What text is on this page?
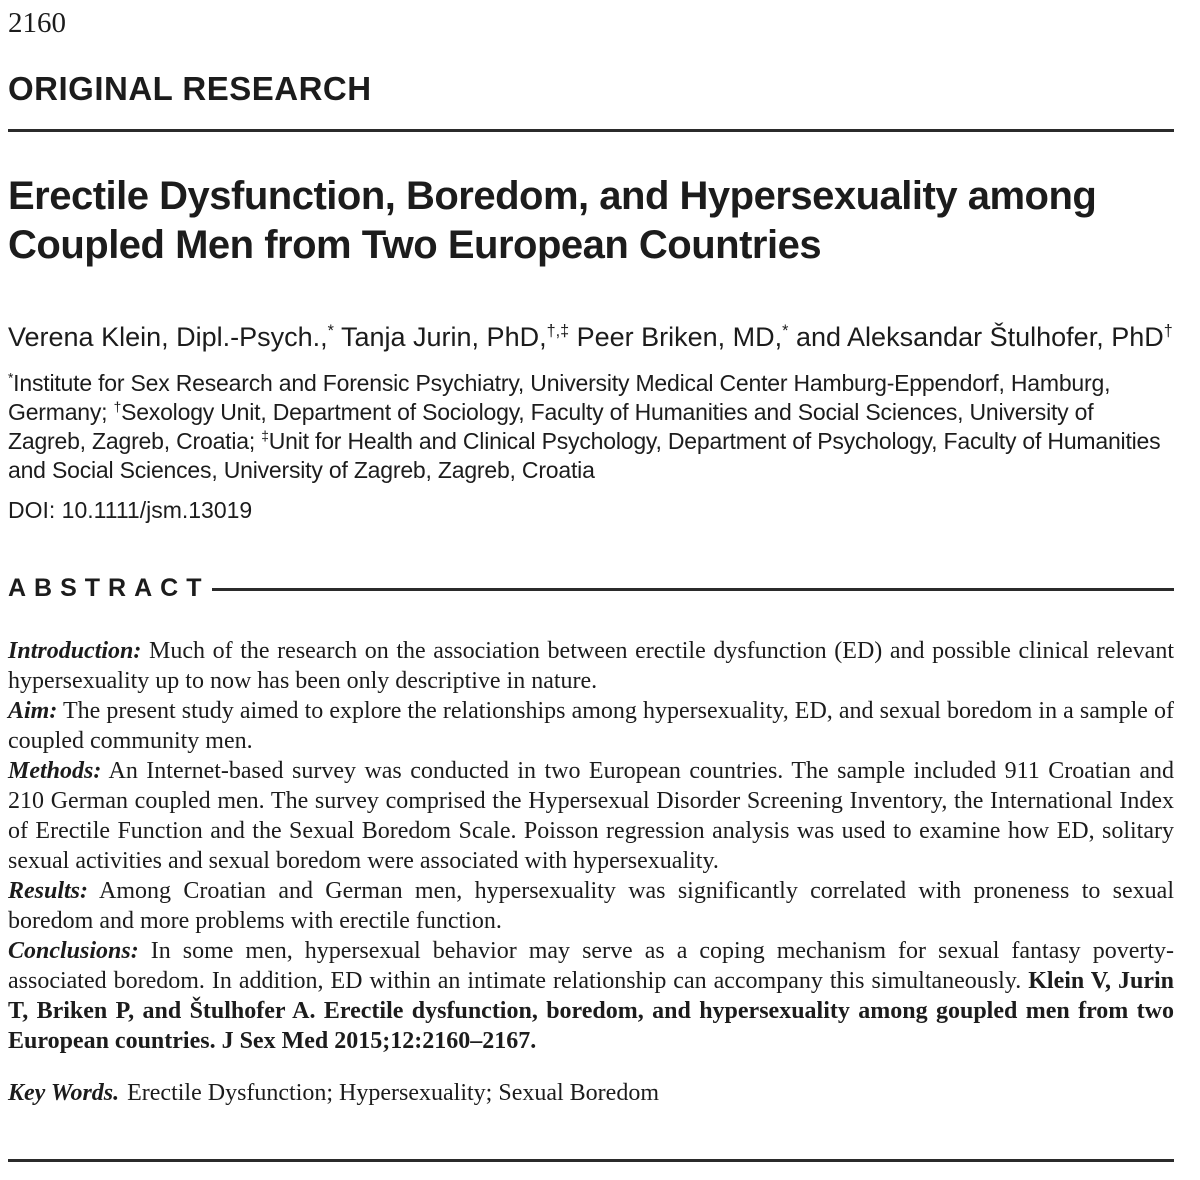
2160
ORIGINAL RESEARCH
Erectile Dysfunction, Boredom, and Hypersexuality among
Coupled Men from Two European Countries

Verena Klein, Dipl.-Psych.,* Tanja Jurin, PhD,†,‡ Peer Briken, MD,* and Aleksandar Štulhofer, PhD†

*Institute for Sex Research and Forensic Psychiatry, University Medical Center Hamburg-Eppendorf, Hamburg, Germany; †Sexology Unit, Department of Sociology, Faculty of Humanities and Social Sciences, University of Zagreb, Zagreb, Croatia; ‡Unit for Health and Clinical Psychology, Department of Psychology, Faculty of Humanities and Social Sciences, University of Zagreb, Zagreb, Croatia

DOI: 10.1111/jsm.13019

ABSTRACT

Introduction: Much of the research on the association between erectile dysfunction (ED) and possible clinical relevant hypersexuality up to now has been only descriptive in nature.

Aim: The present study aimed to explore the relationships among hypersexuality, ED, and sexual boredom in a sample of coupled community men.

Methods: An Internet-based survey was conducted in two European countries. The sample included 911 Croatian and 210 German coupled men. The survey comprised the Hypersexual Disorder Screening Inventory, the International Index of Erectile Function and the Sexual Boredom Scale. Poisson regression analysis was used to examine how ED, solitary sexual activities and sexual boredom were associated with hypersexuality.

Results: Among Croatian and German men, hypersexuality was significantly correlated with proneness to sexual boredom and more problems with erectile function.

Conclusions: In some men, hypersexual behavior may serve as a coping mechanism for sexual fantasy poverty-associated boredom. In addition, ED within an intimate relationship can accompany this simultaneously. Klein V, Jurin T, Briken P, and Štulhofer A. Erectile dysfunction, boredom, and hypersexuality among goupled men from two European countries. J Sex Med 2015;12:2160–2167.

Key Words. Erectile Dysfunction; Hypersexuality; Sexual Boredom
